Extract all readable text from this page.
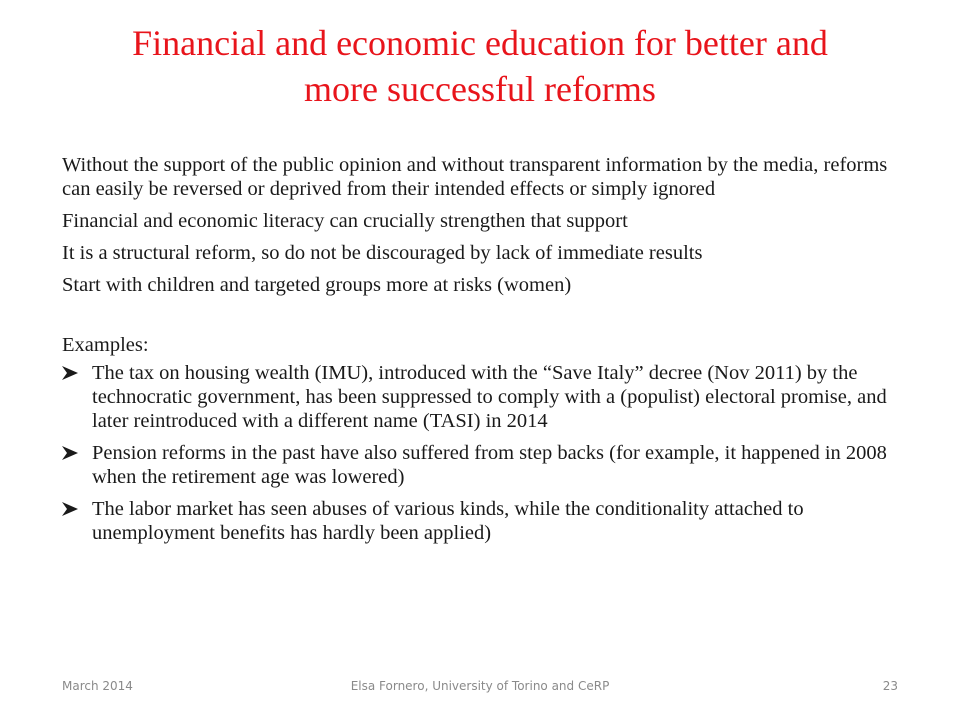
Financial and economic education for better and
more successful reforms

Without the support of the public opinion and without transparent information by the media, reforms can easily be reversed or deprived from their intended effects or simply ignored

Financial and economic literacy can crucially strengthen that support

It is a structural reform, so do not be discouraged by lack of immediate results

Start with children and targeted groups more at risks (women)

Examples:

The tax on housing wealth (IMU), introduced with the “Save Italy” decree (Nov 2011) by the technocratic government, has been suppressed to comply with a (populist) electoral promise, and later reintroduced with a different name (TASI) in 2014
Pension reforms in the past have also suffered from step backs (for example, it happened in 2008 when the retirement age was lowered)
The labor market has seen abuses of various kinds, while the conditionality attached to unemployment benefits has hardly been applied)
March 2014	Elsa Fornero, University of Torino and CeRP	23
